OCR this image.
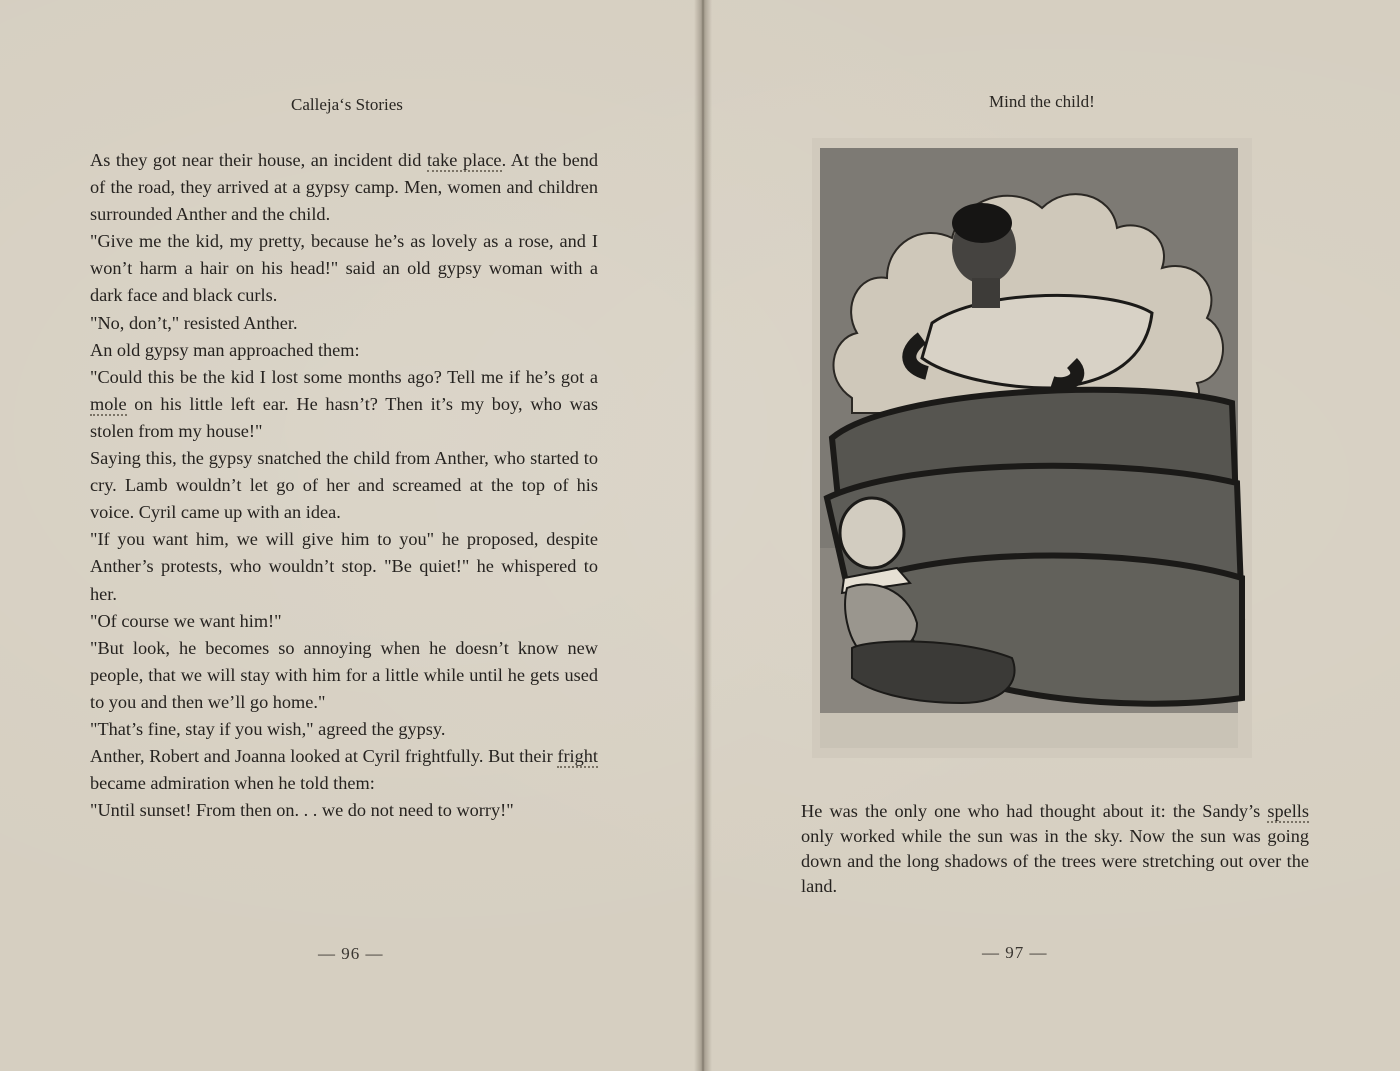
Calleja‘s Stories

As they got near their house, an incident did take place. At the bend of the road, they arrived at a gypsy camp. Men, women and children surrounded Anther and the child.

"Give me the kid, my pretty, because he’s as lovely as a rose, and I won’t harm a hair on his head!" said an old gypsy woman with a dark face and black curls.

"No, don’t," resisted Anther.

An old gypsy man approached them:

"Could this be the kid I lost some months ago? Tell me if he’s got a mole on his little left ear. He hasn’t? Then it’s my boy, who was stolen from my house!"

Saying this, the gypsy snatched the child from Anther, who started to cry. Lamb wouldn’t let go of her and screamed at the top of his voice. Cyril came up with an idea.

"If you want him, we will give him to you" he proposed, despite Anther’s protests, who wouldn’t stop. "Be quiet!" he whispered to her.

"Of course we want him!"

"But look, he becomes so annoying when he doesn’t know new people, that we will stay with him for a little while until he gets used to you and then we’ll go home."

"That’s fine, stay if you wish," agreed the gypsy.

Anther, Robert and Joanna looked at Cyril frightfully. But their fright became admiration when he told them:

"Until sunset! From then on. . . we do not need to worry!"

— 96 —
Mind the child!

He was the only one who had thought about it: the Sandy’s spells only worked while the sun was in the sky. Now the sun was going down and the long shadows of the trees were stretching out over the land.

— 97 —
